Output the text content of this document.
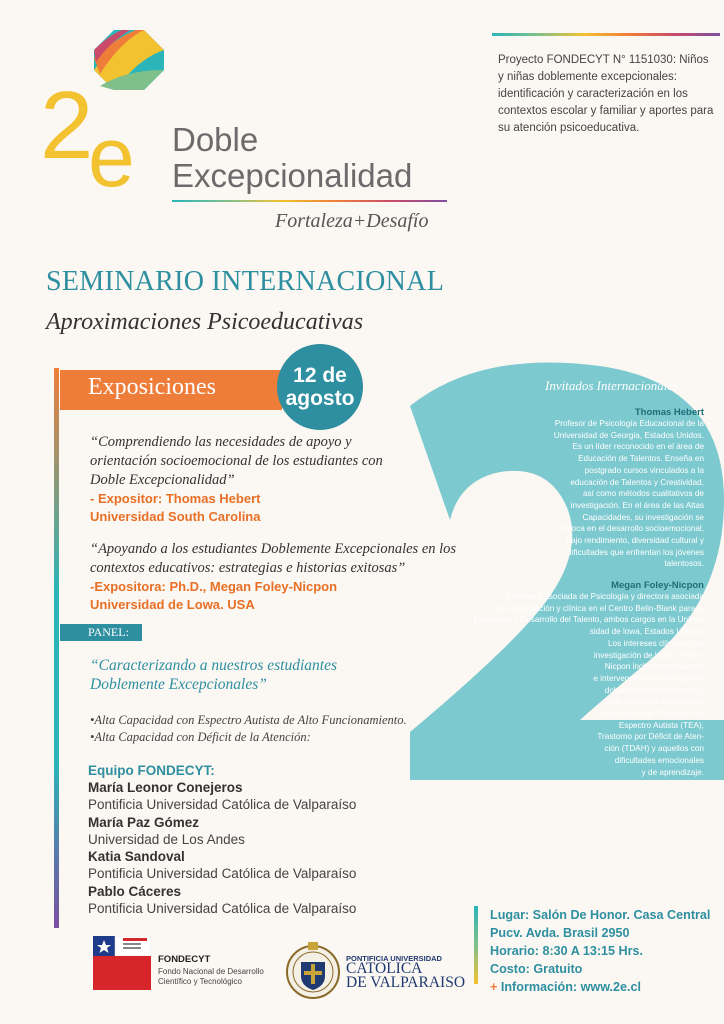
Proyecto FONDECYT N° 1151030: Niños y niñas doblemente excepcionales: identificación y caracterización en los contextos escolar y familiar y aportes para su atención psicoeducativa.
2
e Doble
Excepcionalidad
Fortaleza+Desafío
SEMINARIO INTERNACIONAL
Aproximaciones Psicoeducativas
Invitados Internacionales
Thomas Hebert
Profesor de Psicología Educacional de la
Universidad de Georgia, Estados Unidos.
Es un líder reconocido en el área de
Educación de Talentos. Enseña en
postgrado cursos vinculados a la
educación de Talentos y Creatividad,
así como métodos cualitativos de
investigación. En el área de las Altas
Capacidades, su investigación se
enfoca en el desarrollo socioemocional,
bajo rendimiento, diversidad cultural y
dificultades que enfrentan los jóvenes
talentosos.
Megan Foley-Nicpon
Profesora asociada de Psicología y directora asociada
de investigación y clínica en el Centro Belin-Blank para la
Educación y Desarrollo del Talento, ambos cargos en la Univer-
sidad de lowa, Estados Unidos.
Los intereses clínicos y de
investigación de la Dra. Foley-
Nicpon incluyen evaluación
e intervención con estudiantes
doblemente excepcionales,
particularmente estudiantes
talentosos con Trastorno del
Espectro Autista (TEA),
Trastorno por Déficit de Aten-
ción (TDAH) y aquellos con
dificultades emocionales
y de aprendizaje.
Exposiciones	12 de
agosto
“Comprendiendo las necesidades de apoyo y orientación socioemocional de los estudiantes con Doble Excepcionalidad”
- Expositor: Thomas Hebert
Universidad South Carolina
“Apoyando a los estudiantes Doblemente Excepcionales en los contextos educativos: estrategias e historias exitosas”
-Expositora: Ph.D., Megan Foley-Nicpon
Universidad de Lowa. USA
PANEL:
“Caracterizando a nuestros estudiantes Doblemente Excepcionales”
•Alta Capacidad con Espectro Autista de Alto Funcionamiento.
•Alta Capacidad con Déficit de la Atención:
Equipo FONDECYT:
María Leonor Conejeros
Pontificia Universidad Católica de Valparaíso
María Paz Gómez
Universidad de Los Andes
Katia Sandoval
Pontificia Universidad Católica de Valparaíso
Pablo Cáceres
Pontificia Universidad Católica de Valparaíso
FONDECYT
Fondo Nacional de Desarrollo
Científico y Tecnológico
PONTIFICIA UNIVERSIDAD
CATOLICA
DE VALPARAISO
Lugar: Salón De Honor. Casa Central
Pucv. Avda. Brasil 2950
Horario: 8:30 A 13:15 Hrs.
Costo: Gratuito
+ Información: www.2e.cl
